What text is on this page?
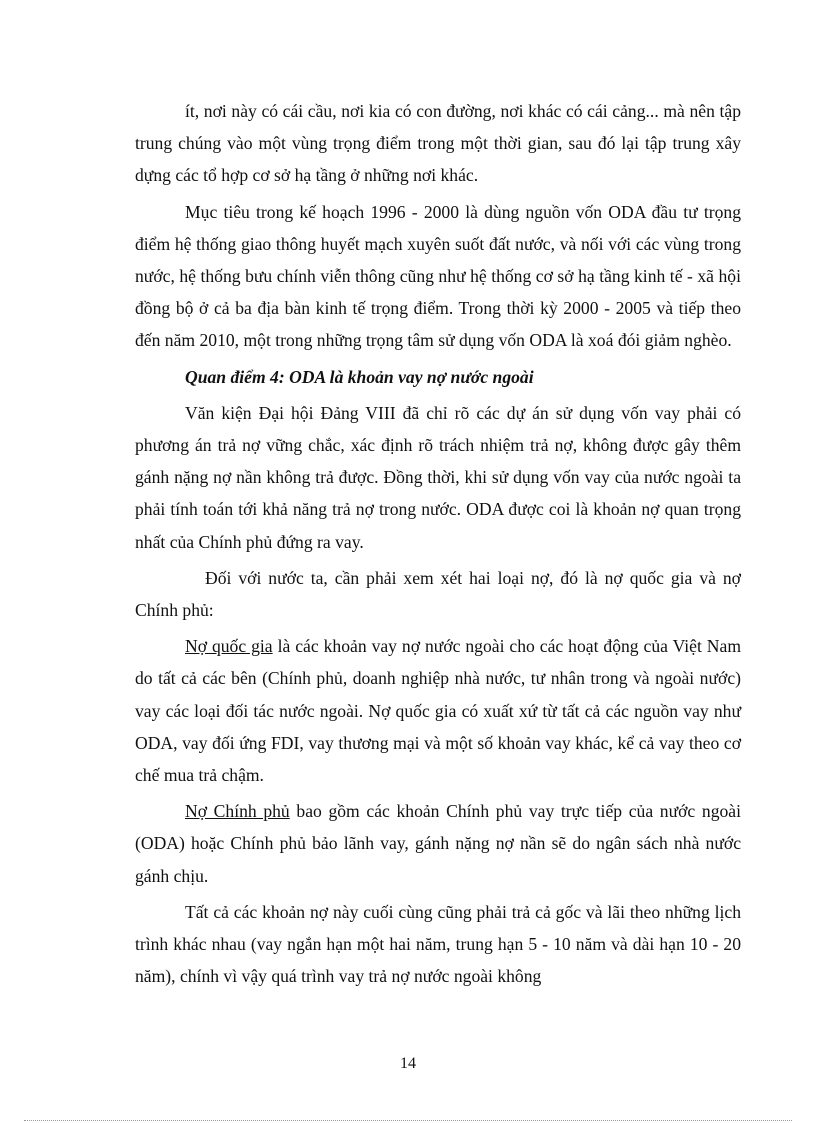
ít, nơi này có cái cầu, nơi kia có con đường, nơi khác có cái cảng... mà nên tập trung chúng vào một vùng trọng điểm trong một thời gian, sau đó lại tập trung xây dựng các tổ hợp cơ sở hạ tầng ở những nơi khác.

Mục tiêu trong kế hoạch 1996 - 2000 là dùng nguồn vốn ODA đầu tư trọng điểm hệ thống giao thông huyết mạch xuyên suốt đất nước, và nối với các vùng trong nước, hệ thống bưu chính viễn thông cũng như hệ thống cơ sở hạ tầng kinh tế - xã hội đồng bộ ở cả ba địa bàn kinh tế trọng điểm. Trong thời kỳ 2000 - 2005 và tiếp theo đến năm 2010, một trong những trọng tâm sử dụng vốn ODA là xoá đói giảm nghèo.

Quan điểm 4: ODA là khoản vay nợ nước ngoài

Văn kiện Đại hội Đảng VIII đã chỉ rõ các dự án sử dụng vốn vay phải có phương án trả nợ vững chắc, xác định rõ trách nhiệm trả nợ, không được gây thêm gánh nặng nợ nần không trả được. Đồng thời, khi sử dụng vốn vay của nước ngoài ta phải tính toán tới khả năng trả nợ trong nước. ODA được coi là khoản nợ quan trọng nhất của Chính phủ đứng ra vay.

Đối với nước ta, cần phải xem xét hai loại nợ, đó là nợ quốc gia và nợ Chính phủ:

Nợ quốc gia là các khoản vay nợ nước ngoài cho các hoạt động của Việt Nam do tất cả các bên (Chính phủ, doanh nghiệp nhà nước, tư nhân trong và ngoài nước) vay các loại đối tác nước ngoài. Nợ quốc gia có xuất xứ từ tất cả các nguồn vay như ODA, vay đối ứng FDI, vay thương mại và một số khoản vay khác, kể cả vay theo cơ chế mua trả chậm.

Nợ Chính phủ bao gồm các khoản Chính phủ vay trực tiếp của nước ngoài (ODA) hoặc Chính phủ bảo lãnh vay, gánh nặng nợ nần sẽ do ngân sách nhà nước gánh chịu.

Tất cả các khoản nợ này cuối cùng cũng phải trả cả gốc và lãi theo những lịch trình khác nhau (vay ngắn hạn một hai năm, trung hạn 5 - 10 năm và dài hạn 10 - 20 năm), chính vì vậy quá trình vay trả nợ nước ngoài không

14
